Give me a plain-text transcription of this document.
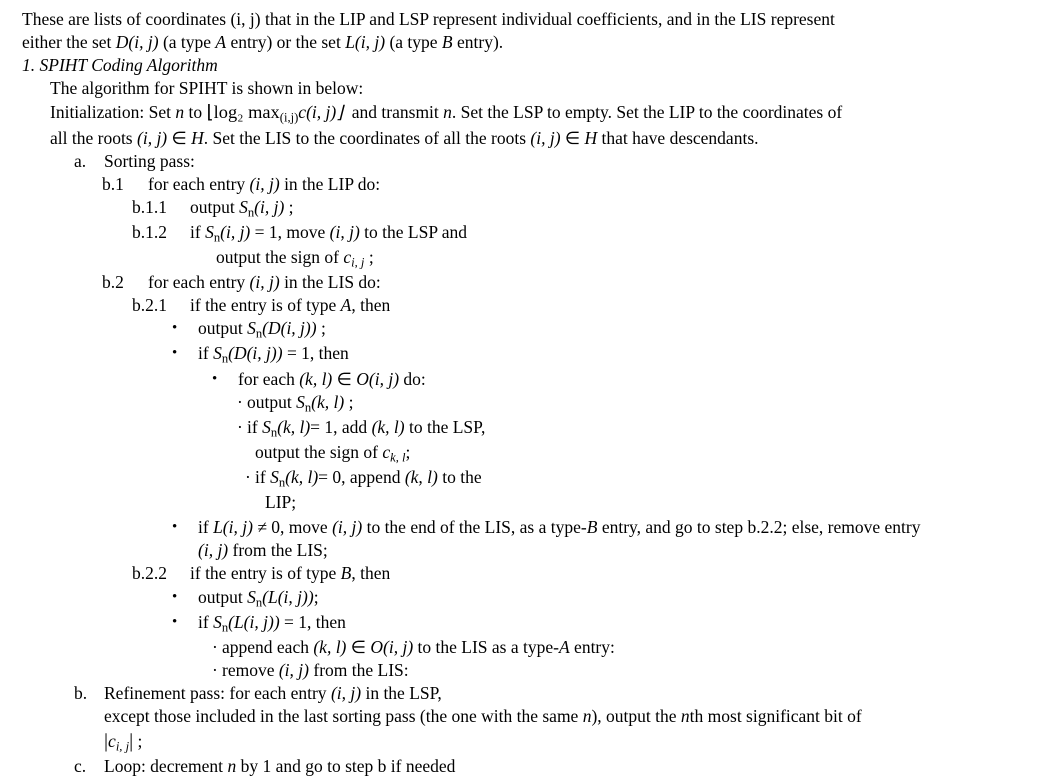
These are lists of coordinates (i, j) that in the LIP and LSP represent individual coefficients, and in the LIS represent
either the set D(i, j) (a type A entry) or the set L(i, j) (a type B entry).
1. SPIHT Coding Algorithm
The algorithm for SPIHT is shown in below:
Initialization: Set n to ⌊log₂ $\max_{(i,j)}c(i$, j)⌋  and transmit n. Set the LSP to empty. Set the LIP to the coordinates of
all the roots (i, j) ∈ H. Set the LIS to the coordinates of all the roots (i, j) ∈ H that have descendants.
a.	Sorting pass:
b.1	for each entry (i, j) in the LIP do:
b.1.1	output $S_n(i$, j) ;
b.1.2	if $S_n(i$, j) = 1, move (i, j) to the LSP and
output the sign of $c_{i, j}$ ;
b.2	for each entry (i, j) in the LIS do:
b.2.1	if the entry is of type A, then
•	output $S_n(D(i$, j)) ;
•	if $S_n(D(i$, j)) = 1, then
•	for each (k, l) ∈ O(i, j) do:
· output $S_n(k$, l) ;
· if $S_n(k$, l)= 1, add (k, l) to the LSP,
output the sign of $c_{k, l}$;
· if $S_n(k$, l)= 0, append (k, l) to the
LIP;
•	if L(i, j) ≠ 0, move (i, j) to the end of the LIS, as a type-B entry, and go to step b.2.2; else, remove entry
(i, j) from the LIS;
b.2.2	if the entry is of type B, then
•	output $S_n(L(i$, j));
•	if $S_n(L(i$, j)) = 1, then
· append each (k, l) ∈ O(i, j) to the LIS as a type-A entry:
· remove (i, j) from the LIS:
b. Refinement pass: for each entry (i, j) in the LSP,
except those included in the last sorting pass (the one with the same n), output the nth most significant bit of
$|c_{i, j}|$ ;
c.	Loop: decrement n by 1 and go to step b if needed
